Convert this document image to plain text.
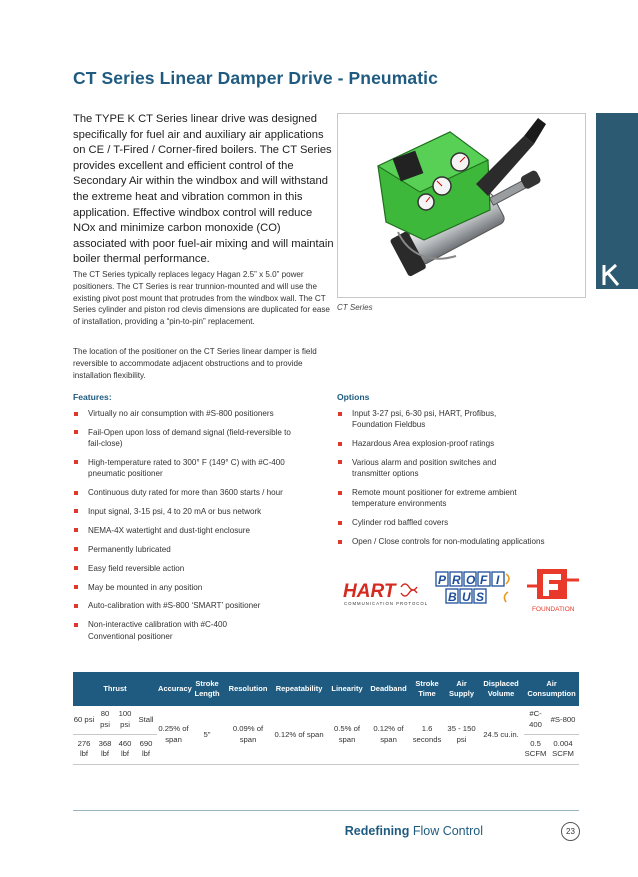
CT Series Linear Damper Drive - Pneumatic
The TYPE K CT Series linear drive was designed specifically for fuel air and auxiliary air applications on CE / T-Fired / Corner-fired boilers. The CT Series provides excellent and efficient control of the Secondary Air within the windbox and will withstand the extreme heat and vibration common in this application. Effective windbox control will reduce NOx and minimize carbon monoxide (CO) associated with poor fuel-air mixing and will maintain boiler thermal performance.
The CT Series typically replaces legacy Hagan 2.5” x 5.0” power positioners. The CT Series is rear trunnion-mounted and will use the existing pivot post mount that protrudes from the windbox wall. The CT Series cylinder and piston rod clevis dimensions are duplicated for ease of installation, providing a “pin-to-pin” replacement.
The location of the positioner on the CT Series linear damper is field reversible to accommodate adjacent obstructions and to provide installation flexibility.
CT Series
Features:
Virtually no air consumption with #S-800 positioners
Fail-Open upon loss of demand signal (field-reversible to fail-close)
High-temperature rated to 300° F (149° C) with #C-400 pneumatic positioner
Continuous duty rated for more than 3600 starts / hour
Input signal, 3-15 psi, 4 to 20 mA or bus network
NEMA-4X watertight and dust-tight enclosure
Permanently lubricated
Easy field reversible action
May be mounted in any position
Auto-calibration with #S-800 ‘SMART’ positioner
Non-interactive calibration with #C-400 Conventional positioner
Options
Input 3-27 psi, 6-30 psi, HART, Profibus, Foundation Fieldbus
Hazardous Area explosion-proof ratings
Various alarm and position switches and transmitter options
Remote mount positioner for extreme ambient temperature environments
Cylinder rod baffled covers
Open / Close controls for non-modulating applications
HART
COMMUNICATION PROTOCOL
P R O F I
B U S
FOUNDATION
Thrust				Accuracy	Stroke Length	Resolution	Repeatability	Linearity	Deadband	Stroke Time	Air Supply	Displaced Volume	Air Consumption	
60 psi	80 psi	100 psi	Stall	0.25% of span	5"	0.09% of span	0.12% of span	0.5% of span	0.12% of span	1.6 seconds	35 - 150 psi	24.5 cu.in.	#C-400	#S-800
276 lbf	368 lbf	460 lbf	690 lbf										0.5 SCFM	0.004 SCFM
Redefining Flow Control	23
